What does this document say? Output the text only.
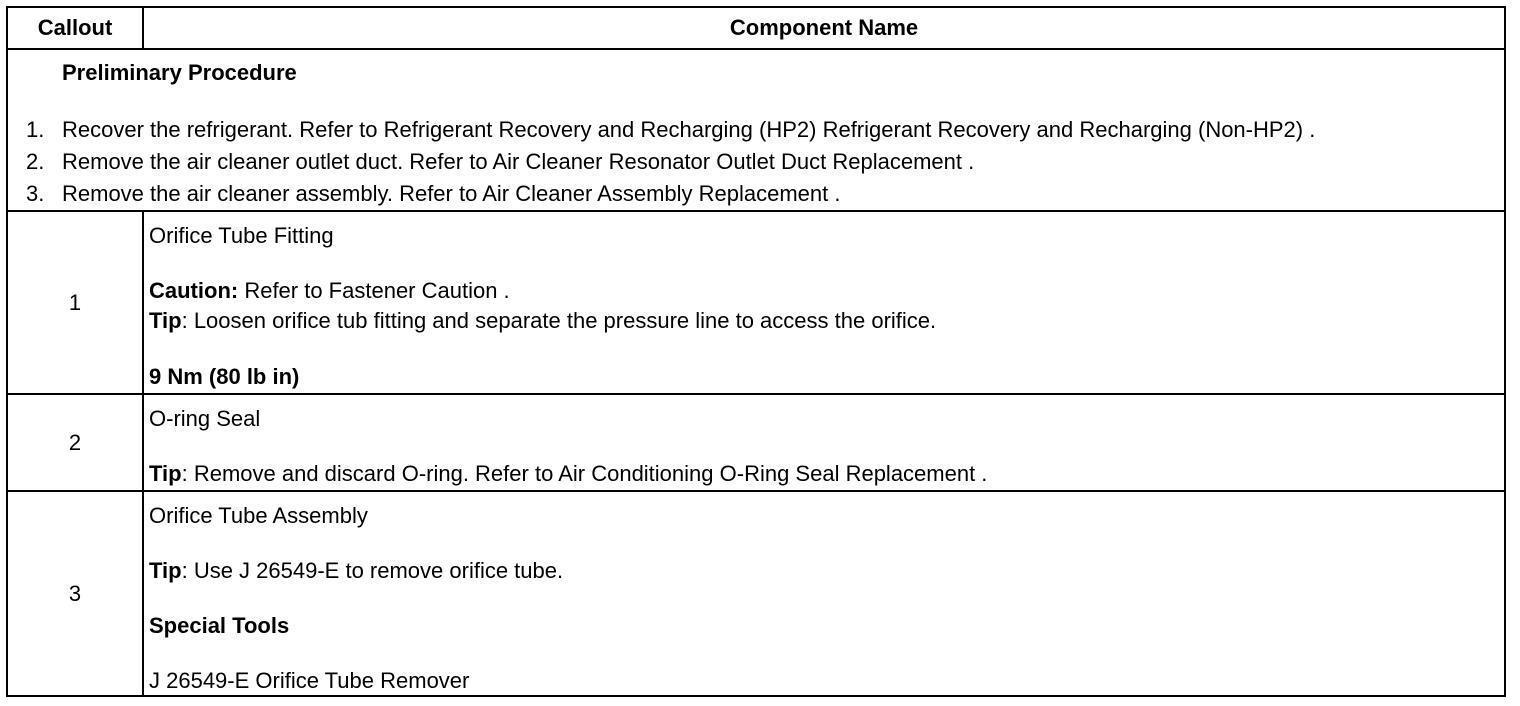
Callout	Component Name
Preliminary Procedure
1. Recover the refrigerant. Refer to Refrigerant Recovery and Recharging (HP2) Refrigerant Recovery and Recharging (Non-HP2) .
2. Remove the air cleaner outlet duct. Refer to Air Cleaner Resonator Outlet Duct Replacement .
3. Remove the air cleaner assembly. Refer to Air Cleaner Assembly Replacement .
1
Orifice Tube Fitting
Caution: Refer to Fastener Caution .
Tip: Loosen orifice tub fitting and separate the pressure line to access the orifice.
9 Nm (80 lb in)
2
O-ring Seal
Tip: Remove and discard O-ring. Refer to Air Conditioning O-Ring Seal Replacement .
3
Orifice Tube Assembly
Tip: Use J 26549-E to remove orifice tube.
Special Tools
J 26549-E Orifice Tube Remover
